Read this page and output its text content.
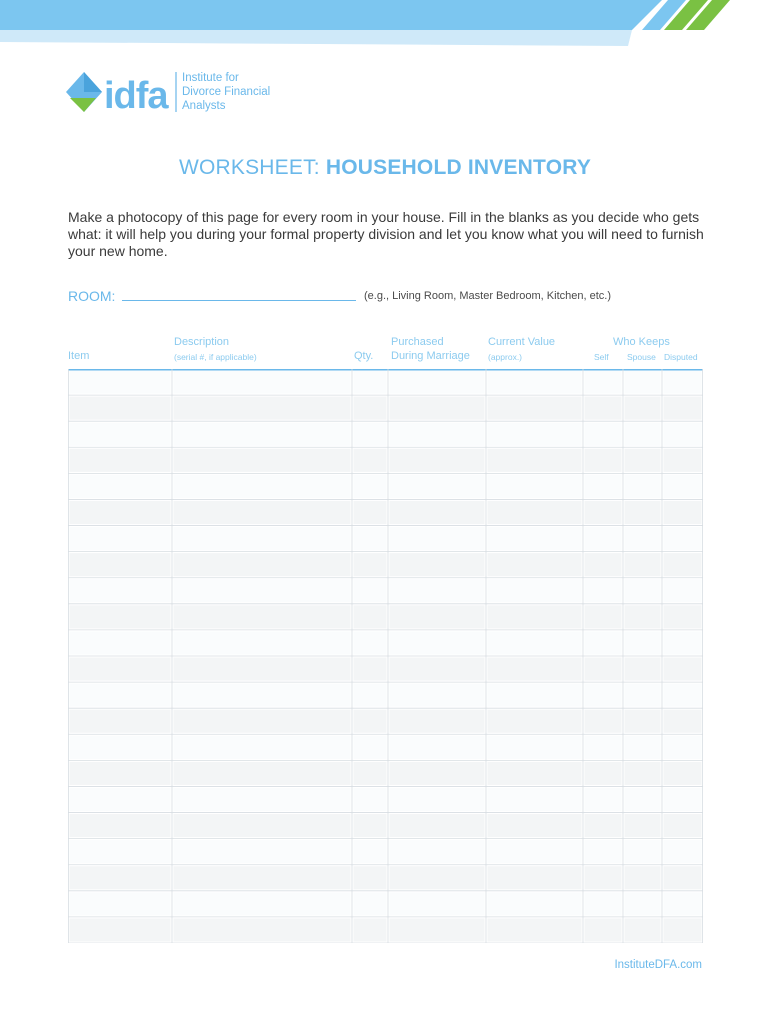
idfa Institute for
Divorce Financial
Analysts
WORKSHEET: HOUSEHOLD INVENTORY
Make a photocopy of this page for every room in your house. Fill in the blanks as you decide who gets what: it will help you during your formal property division and let you know what you will need to furnish your new home.
ROOM:	(e.g., Living Room, Master Bedroom, Kitchen, etc.)
Item
Description
(serial #, if applicable)	Qty.
Purchased
During Marriage
Current Value
(approx.)
Who Keeps
Self Spouse Disputed
InstituteDFA.com
